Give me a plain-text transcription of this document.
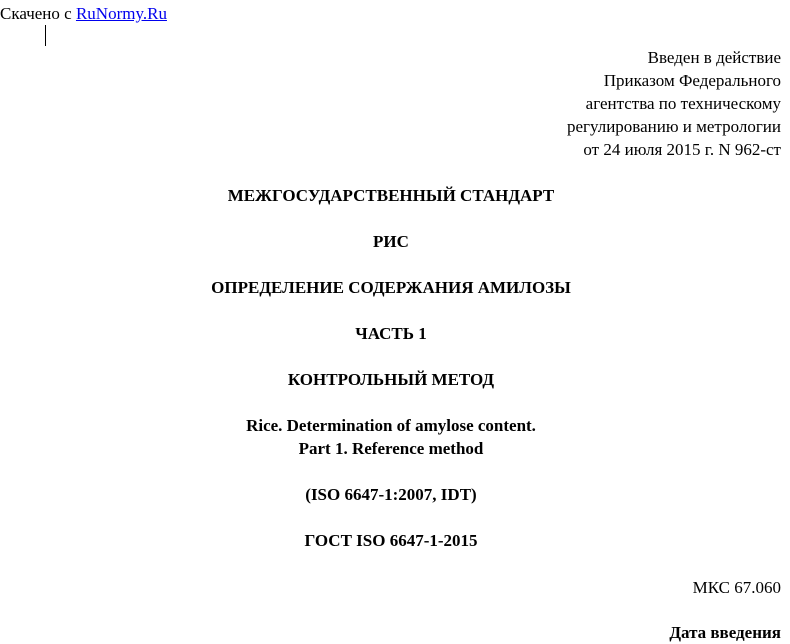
Скачено с RuNormy.Ru
Введен в действие
Приказом Федерального
агентства по техническому
регулированию и метрологии
от 24 июля 2015 г. N 962-ст
МЕЖГОСУДАРСТВЕННЫЙ СТАНДАРТ
РИС
ОПРЕДЕЛЕНИЕ СОДЕРЖАНИЯ АМИЛОЗЫ
ЧАСТЬ 1
КОНТРОЛЬНЫЙ МЕТОД
Rice. Determination of amylose content.
Part 1. Reference method
(ISO 6647-1:2007, IDT)
ГОСТ ISO 6647-1-2015
МКС 67.060
Дата введения
